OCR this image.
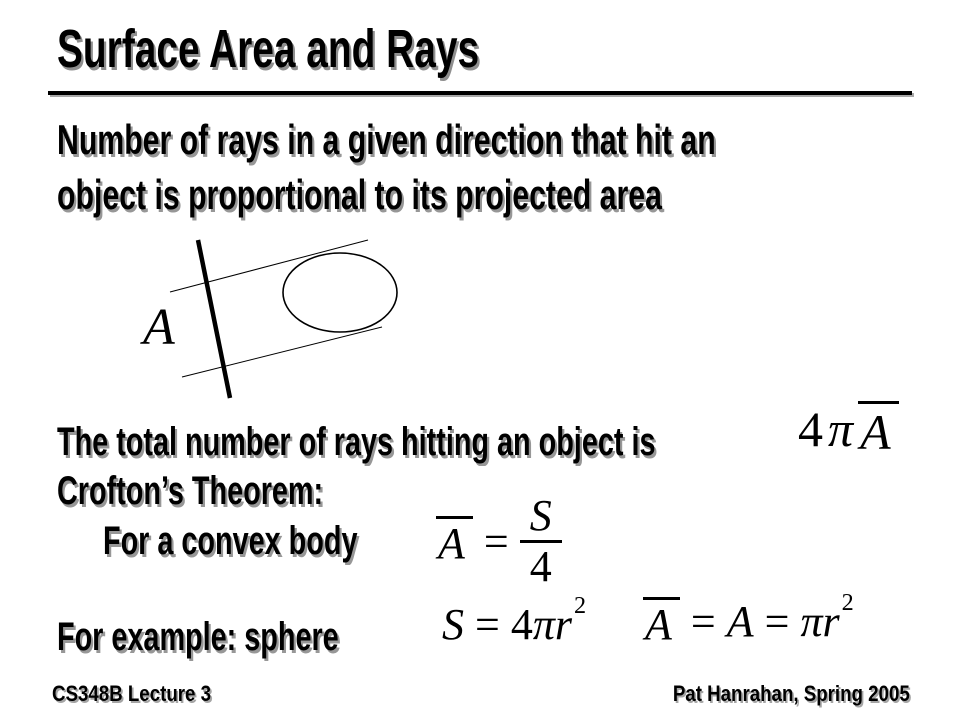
Surface Area and Rays
Number of rays in a given direction that hit an
object is proportional to its projected area
A
The total number of rays hitting an object is	4 π A
Crofton’s Theorem:
For a convex body	$A = \frac{S}{4}$
For example: sphere	S = 4 π r 2 A = A = π r 2
CS348B Lecture 3	Pat Hanrahan, Spring 2005
